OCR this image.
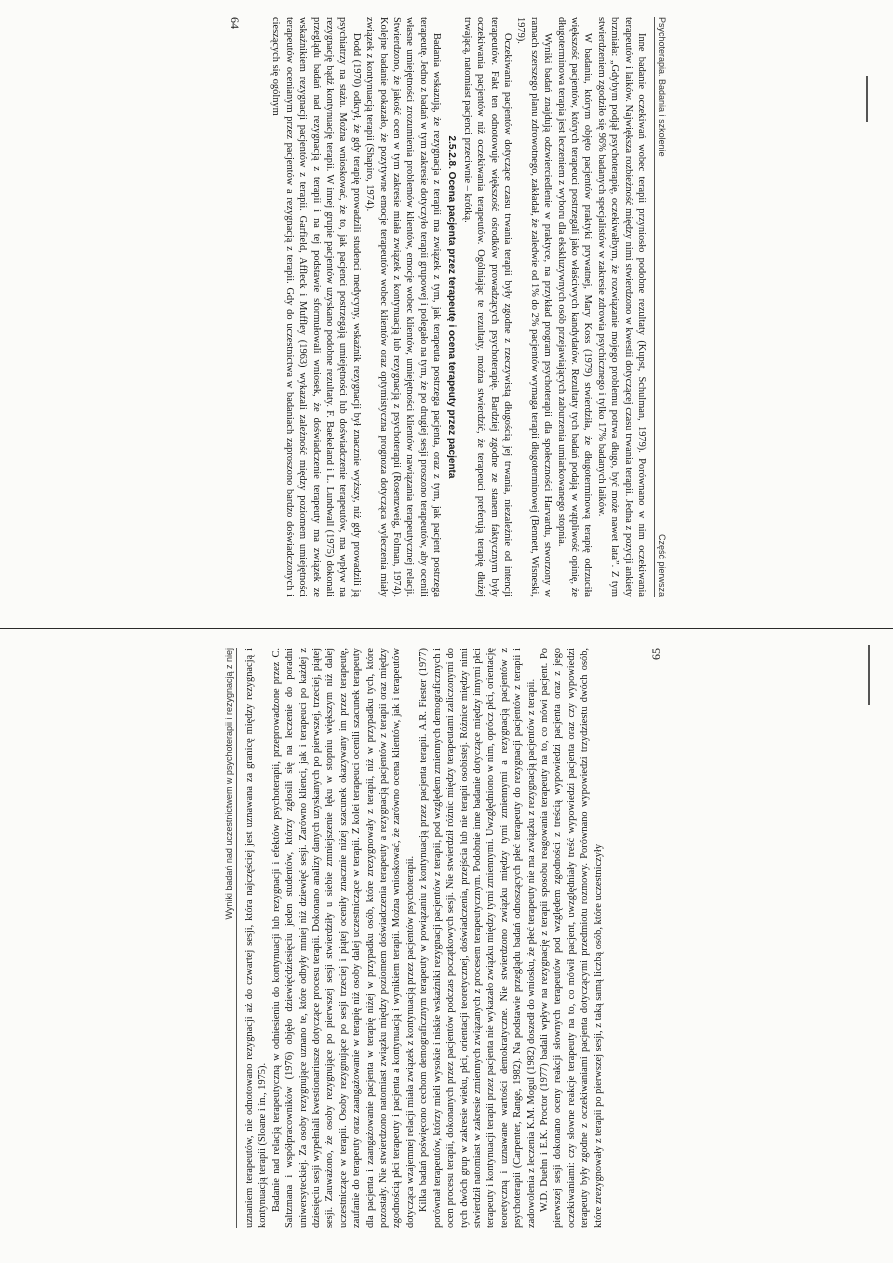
Psychoterapia. Badania i szkolenie
Część pierwsza

Inne badanie oczekiwań wobec terapii przyniosło podobne rezultaty (Kupst, Schulman, 1979). Porównano w nim oczekiwania terapeutów i laików. Największa rozbieżność między nimi stwierdzono w kwestii dotyczącej czasu trwania terapii. Jedna z pozycji ankiety brzmiała: „Gdybym podjął psychoterapię, oczekiwałbym, że rozwiązanie mojego problemu potrwa długo, być może nawet lata”. Z tym stwierdzeniem zgodziło się 96% badanych specjalistów w zakresie zdrowia psychicznego i tylko 17% badanych laików.

W badaniu, którym objęto pacjentów praktyki prywatnej, Mary Koss (1979) stwierdziła, że długoterminową terapię odrzuciła większość pacjentów, których terapeuci postrzegali jako właściwych kandydatów. Rezultaty tych badań podają w wątpliwość opinię, że długoterminowa terapia jest leczeniem z wyboru dla ekskluzywnych osób przejawiających zaburzenia umiarkowanego stopnia.

Wyniki badań znajdują odzwierciedlenie w praktyce, na przykład program psychoterapii dla społeczności Harvardu, stworzony w ramach szerszego planu zdrowotnego, zakładał, że zaledwie od 1% do 2% pacjentów wymaga terapii długoterminowej (Bennett, Wisneski, 1979).

Oczekiwania pacjentów dotyczące czasu trwania terapii były zgodne z rzeczywistą długością jej trwania, niezależnie od intencji terapeutów. Fakt ten odnotowuje większość ośrodków prowadzących psychoterapię. Bardziej zgodne ze stanem faktycznym były oczekiwania pacjentów niż oczekiwania terapeutów. Ogólniając te rezultaty, można stwierdzić, że terapeuci preferują terapię dłużej trwającą, natomiast pacjenci przeciwnie – krótką.

2.5.2.8. Ocena pacjenta przez terapeutę i ocena terapeuty przez pacjenta

Badania wskazują, że rezygnacja z terapii ma związek z tym, jak terapeuta postrzega pacjenta, oraz z tym, jak pacjent postrzega terapeutę. Jedno z badań w tym zakresie dotyczyło terapii grupowej i polegało na tym, że po drugiej sesji proszono terapeutów, aby ocenili własne umiejętności zrozumienia problemów klientów, emocje wobec klientów, umiejętności klientów nawiązania terapeutycznej relacji. Stwierdzono, że jakość ocen w tym zakresie miała związek z kontynuacją lub rezygnacją z psychoterapii (Rosenzweig, Folman, 1974). Kolejne badanie pokazało, że pozytywne emocje terapeutów wobec klientów oraz optymistyczna prognoza dotycząca wyleczenia miały związek z kontynuacją terapii (Shapiro, 1974).

Dodd (1970) odkrył, że gdy terapię prowadzili studenci medycyny, wskaźnik rezygnacji był znacznie wyższy, niż gdy prowadzili ją psychiatrzy na stażu. Można wnioskować, że to, jak pacjenci postrzegają umiejętności lub doświadczenie terapeutów, ma wpływ na rezygnację bądź kontynuację terapii. W innej grupie pacjentów uzyskano podobne rezultaty. F. Baekeland i L. Lundwall (1975) dokonali przeglądu badań nad rezygnacją z terapii i na tej podstawie sformułowali wniosek, że doświadczenie terapeuty ma związek ze wskaźnikiem rezygnacji pacjentów z terapii. Garfield, Affleck i Muffley (1963) wykazali zależność między poziomem umiejętności terapeutów ocenianym przez pacjentów a rezygnacją z terapii. Gdy do uczestnictwa w badaniach zaproszono bardzo doświadczonych i cieszących się ogólnym

64
Wyniki badań nad uczestnictwem w psychoterapii i rezygnacją z niej uznaniem terapeutów, nie odnotowano rezygnacji aż do czwartej sesji, która najczęściej jest uznawana za granicę między rezygnacją i kontynuacją terapii (Sloane i in., 1975). Badanie nad relacją terapeutyczną w odniesieniu do kontynuacji lub rezygnacji i efektów psychoterapii, przeprowadzone przez C. Saltzmana i współpracowników (1976) objęło dziewięćdziesięciu jeden studentów, którzy zgłosili się na leczenie do poradni uniwersyteckiej. Za osoby rezygnujące uznano te, które odbyły mniej niż dziewięć sesji. Zarówno klienci, jak i terapeuci po każdej z dziesięciu sesji wypełniali kwestionariusze dotyczące procesu terapii. Dokonano analizy danych uzyskanych po pierwszej, trzeciej, piątej sesji. Zauważono, że osoby rezygnujące po pierwszej sesji stwierdziły u siebie zmniejszenie lęku w stopniu większym niż dalej uczestniczące w terapii. Osoby rezygnujące po sesji trzeciej i piątej oceniły znacznie niżej szacunek okazywany im przez terapeutę, zaufanie do terapeuty oraz zaangażowanie w terapię niż osoby dalej uczestniczące w terapii. Z kolei terapeuci ocenili szacunek terapeuty dla pacjenta i zaangażowanie pacjenta w terapię niżej w przypadku osób, które zrezygnowały z terapii, niż w przypadku tych, które pozostały. Nie stwierdzono natomiast związku między poziomem doświadczenia terapeuty a rezygnacją pacjentów z terapii oraz między zgodnością płci terapeuty i pacjenta a kontynuacją i wynikiem terapii. Można wnioskować, że zarówno ocena klientów, jak i terapeutów dotycząca wzajemnej relacji miała związek z kontynuacją przez pacjentów psychoterapii. Kilka badań poświęcono cechom demograficznym terapeuty w powiązaniu z kontynuacją przez pacjenta terapii. A.R. Fiester (1977) porównał terapeutów, którzy mieli wysokie i niskie wskaźniki rezygnacji pacjentów z terapii, pod względem zmiennych demograficznych i ocen procesu terapii, dokonanych przez pacjentów podczas początkowych sesji. Nie stwierdził różnic między terapeutami zaliczonymi do tych dwóch grup w zakresie wieku, płci, orientacji teoretycznej, doświadczenia, przejścia lub nie terapii osobistej. Różnice między nimi stwierdził natomiast w zakresie zmiennych związanych z procesem terapeutycznym. Podobnie inne badanie dotyczące między innymi płci terapeuty i kontynuacji terapii przez pacjenta nie wykazało związku między tymi zmiennymi. Uwzględniono w nim, oprócz płci, orientację teoretyczną i uznawane wartości demokratyczne. Nie stwierdzono związku między tymi zmiennymi a rezygnacją pacjentów z psychoterapii (Carpenter, Range, 1982). Na podstawie przeglądu badań odnoszących płeć terapeuty do rezygnacji pacjentów z terapii i zadowolenia z leczenia K.M. Mogul (1982) doszedł do wniosku, że płeć terapeuty nie ma związku z rezygnacją pacjentów z terapii. W.D. Duehn i E.K. Proctor (1977) badali wpływ na rezygnację z terapii sposobu reagowania terapeuty na to, co mówi pacjent. Po pierwszej sesji dokonano oceny reakcji słownych terapeutów pod względem zgodności z treścią wypowiedzi pacjenta oraz z jego oczekiwaniami: czy słowne reakcje terapeuty na to, co mówił pacjent, uwzględniały treść wypowiedzi pacjenta oraz czy wypowiedzi terapeuty były zgodne z oczekiwaniami pacjenta dotyczącymi przedmiotu rozmowy. Porównano wypowiedzi trzydziestu dwóch osób, które zrezygnowały z terapii po pierwszej sesji, z taką samą liczbą osób, które uczestniczyły

65
